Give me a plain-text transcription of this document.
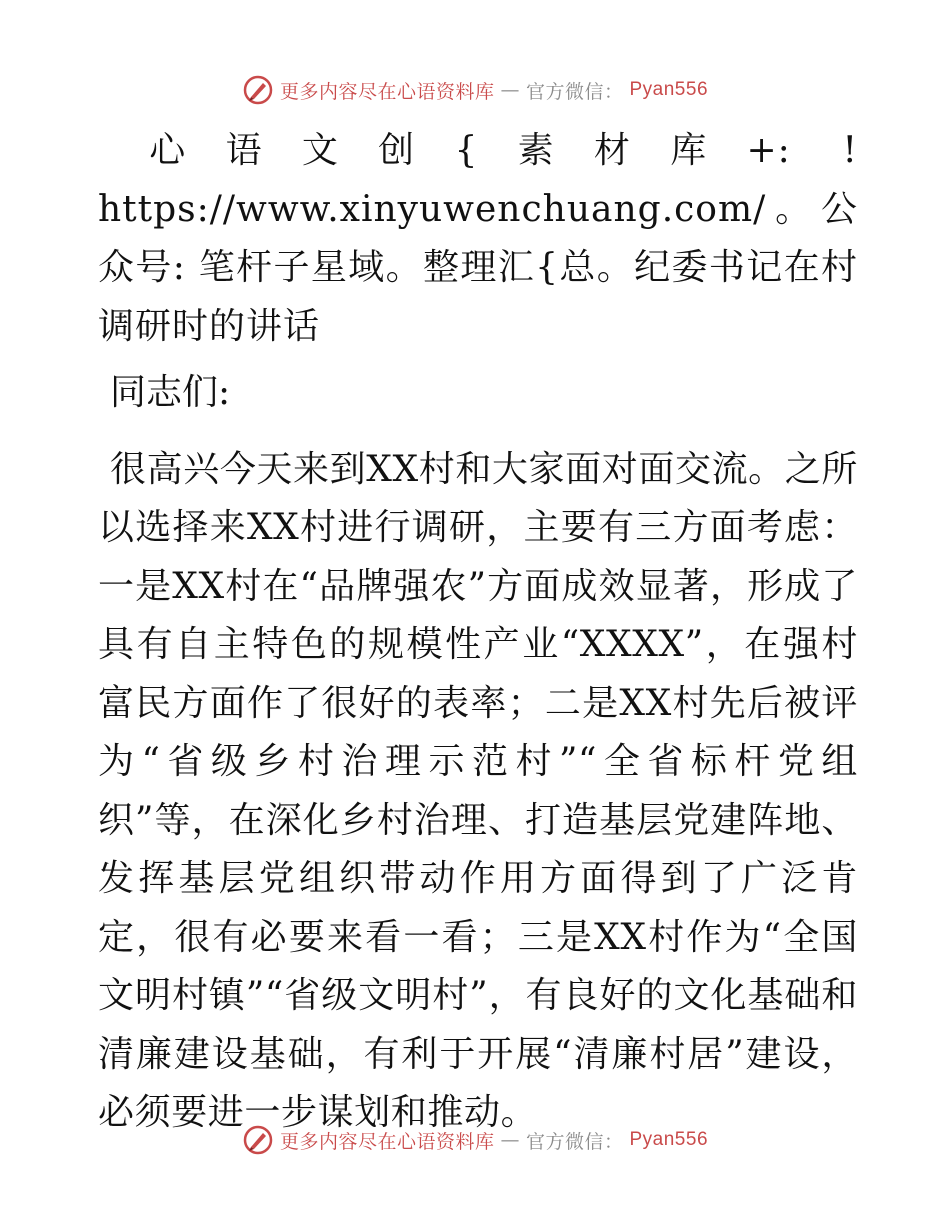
更多内容尽在心语资料库 — 官方微信： Pyan556

心语文创{素材库+: ! https://www.xinyuwenchuang.com/。公众号: 笔杆子星域。整理汇{总。纪委书记在村调研时的讲话

同志们:

很高兴今天来到XX村和大家面对面交流。之所以选择来XX村进行调研，主要有三方面考虑：一是XX村在“品牌强农”方面成效显著，形成了具有自主特色的规模性产业“XXXX”，在强村富民方面作了很好的表率；二是XX村先后被评为“省级乡村治理示范村”“全省标杆党组织”等，在深化乡村治理、打造基层党建阵地、发挥基层党组织带动作用方面得到了广泛肯定，很有必要来看一看；三是XX村作为“全国文明村镇”“省级文明村”，有良好的文化基础和清廉建设基础，有利于开展“清廉村居”建设，必须要进一步谋划和推动。

更多内容尽在心语资料库 — 官方微信： Pyan556
